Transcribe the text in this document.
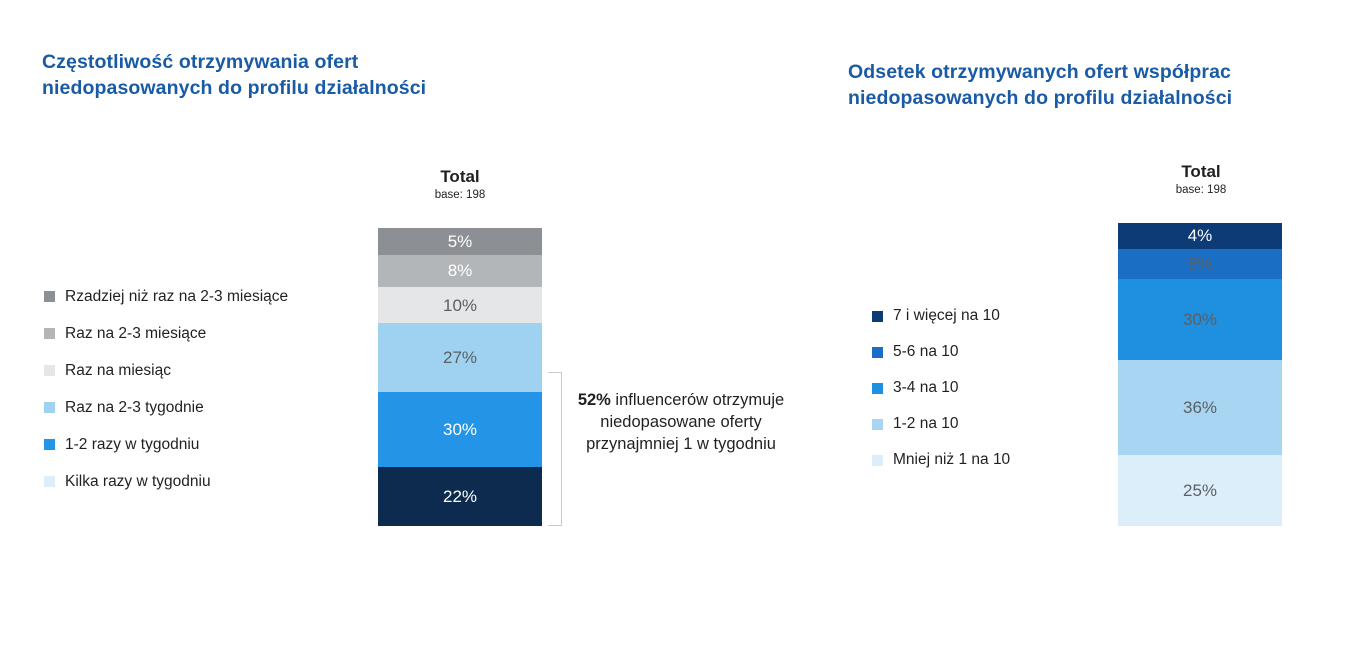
Częstotliwość otrzymywania ofert niedopasowanych do profilu działalności
Total
base: 198
5%
8%
10%
27%
30%
22%
52% influencerów otrzymuje niedopasowane oferty przynajmniej 1 w tygodniu
Rzadziej niż raz na 2-3 miesiące
Raz na 2-3 miesiące
Raz na miesiąc
Raz na 2-3 tygodnie
1-2 razy w tygodniu
Kilka razy w tygodniu
Odsetek otrzymywanych ofert współprac niedopasowanych do profilu działalności
Total
base: 198
4%
6%
30%
36%
25%
7 i więcej na 10
5-6 na 10
3-4 na 10
1-2 na 10
Mniej niż 1 na 10
